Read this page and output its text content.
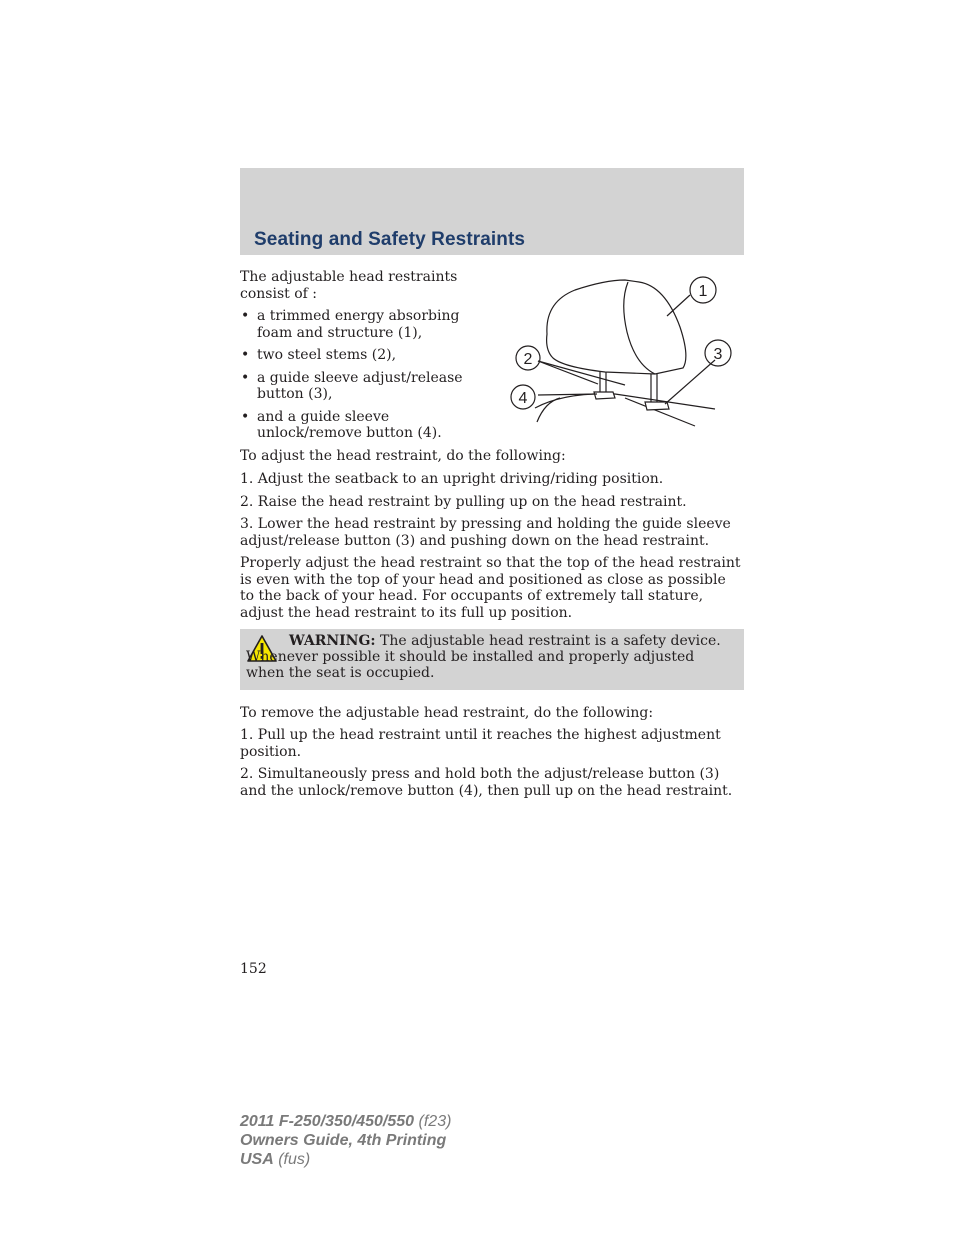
Seating and Safety Restraints

The adjustable head restraints consist of :

• a trimmed energy absorbing foam and structure (1),
• two steel stems (2),
• a guide sleeve adjust/release button (3),
• and a guide sleeve unlock/remove button (4).
1
2	3
4

To adjust the head restraint, do the following:

1. Adjust the seatback to an upright driving/riding position.

2. Raise the head restraint by pulling up on the head restraint.

3. Lower the head restraint by pressing and holding the guide sleeve adjust/release button (3) and pushing down on the head restraint.

Properly adjust the head restraint so that the top of the head restraint is even with the top of your head and positioned as close as possible to the back of your head. For occupants of extremely tall stature, adjust the head restraint to its full up position.

WARNING: The adjustable head restraint is a safety device. Whenever possible it should be installed and properly adjusted when the seat is occupied.

To remove the adjustable head restraint, do the following:

1. Pull up the head restraint until it reaches the highest adjustment position.

2. Simultaneously press and hold both the adjust/release button (3) and the unlock/remove button (4), then pull up on the head restraint.

152
2011 F-250/350/450/550 (f23)
Owners Guide, 4th Printing
USA (fus)
